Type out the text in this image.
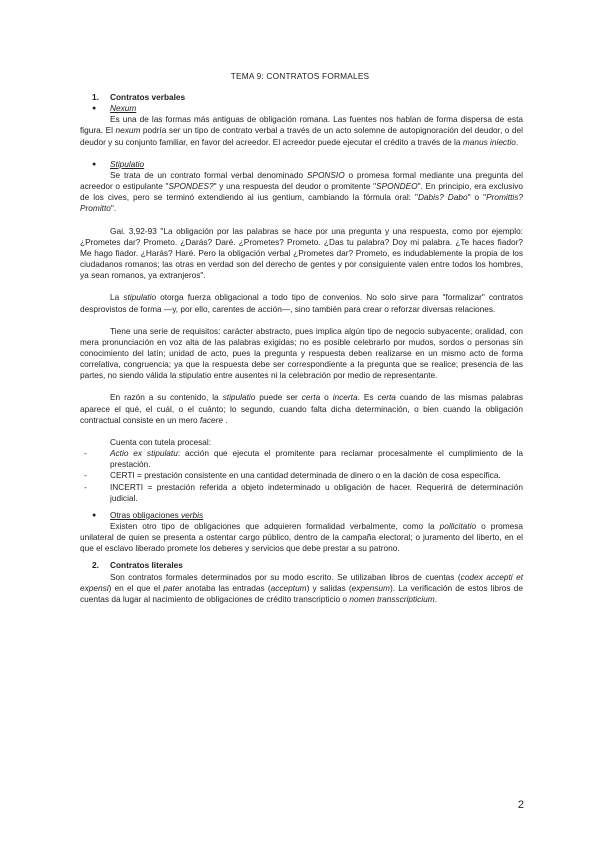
TEMA 9: CONTRATOS FORMALES
1.	Contratos verbales
●	Nexum

Es una de las formas más antiguas de obligación romana. Las fuentes nos hablan de forma dispersa de esta figura. El nexum podría ser un tipo de contrato verbal a través de un acto solemne de autopignoración del deudor, o del deudor y su conjunto familiar, en favor del acreedor. El acreedor puede ejecutar el crédito a través de la manus iniectio.

●	Stipulatio

Se trata de un contrato formal verbal denominado SPONSIO o promesa formal mediante una pregunta del acreedor o estipulante "SPONDES?" y una respuesta del deudor o promitente "SPONDEO". En principio, era exclusivo de los cives, pero se terminó extendiendo al ius gentium, cambiando la fórmula oral: "Dabis? Dabo" o "Promittis? Promitto".

Gai. 3,92-93 "La obligación por las palabras se hace por una pregunta y una respuesta, como por ejemplo: ¿Prometes dar? Prometo. ¿Darás? Daré. ¿Prometes? Prometo. ¿Das tu palabra? Doy mi palabra. ¿Te haces fiador? Me hago fiador. ¿Harás? Haré. Pero la obligación verbal ¿Prometes dar? Prometo, es indudablemente la propia de los ciudadanos romanos; las otras en verdad son del derecho de gentes y por consiguiente valen entre todos los hombres, ya sean romanos, ya extranjeros".

La stipulatio otorga fuerza obligacional a todo tipo de convenios. No solo sirve para "formalizar" contratos desprovistos de forma —y, por ello, carentes de acción—, sino también para crear o reforzar diversas relaciones.

Tiene una serie de requisitos: carácter abstracto, pues implica algún tipo de negocio subyacente; oralidad, con mera pronunciación en voz alta de las palabras exigidas; no es posible celebrarlo por mudos, sordos o personas sin conocimiento del latín; unidad de acto, pues la pregunta y respuesta deben realizarse en un mismo acto de forma correlativa, congruencia; ya que la respuesta debe ser correspondiente a la pregunta que se realice; presencia de las partes, no siendo válida la stipulatio entre ausentes ni la celebración por medio de representante.

En razón a su contenido, la stipulatio puede ser certa o incerta. Es certa cuando de las mismas palabras aparece el qué, el cuál, o el cuánto; lo segundo, cuando falta dicha determinación, o bien cuando la obligación contractual consiste en un mero facere .

Cuenta con tutela procesal:

-	Actio ex stipulatu: acción que ejecuta el promitente para reclamar procesalmente el cumplimiento de la prestación.
-	CERTI = prestación consistente en una cantidad determinada de dinero o en la dación de cosa específica.
-	INCERTI = prestación referida a objeto indeterminado u obligación de hacer. Requerirá de determinación judicial.
●	Otras obligaciones verbis

Existen otro tipo de obligaciones que adquieren formalidad verbalmente, como la pollicitatio o promesa unilateral de quien se presenta a ostentar cargo público, dentro de la campaña electoral; o juramento del liberto, en el que el esclavo liberado promete los deberes y servicios que debe prestar a su patrono.

2.	Contratos literales

Son contratos formales determinados por su modo escrito. Se utilizaban libros de cuentas (codex accepti et expensi) en el que el pater anotaba las entradas (acceptum) y salidas (expensum). La verificación de estos libros de cuentas da lugar al nacimiento de obligaciones de crédito transcripticio o nomen transscripticium.

2
